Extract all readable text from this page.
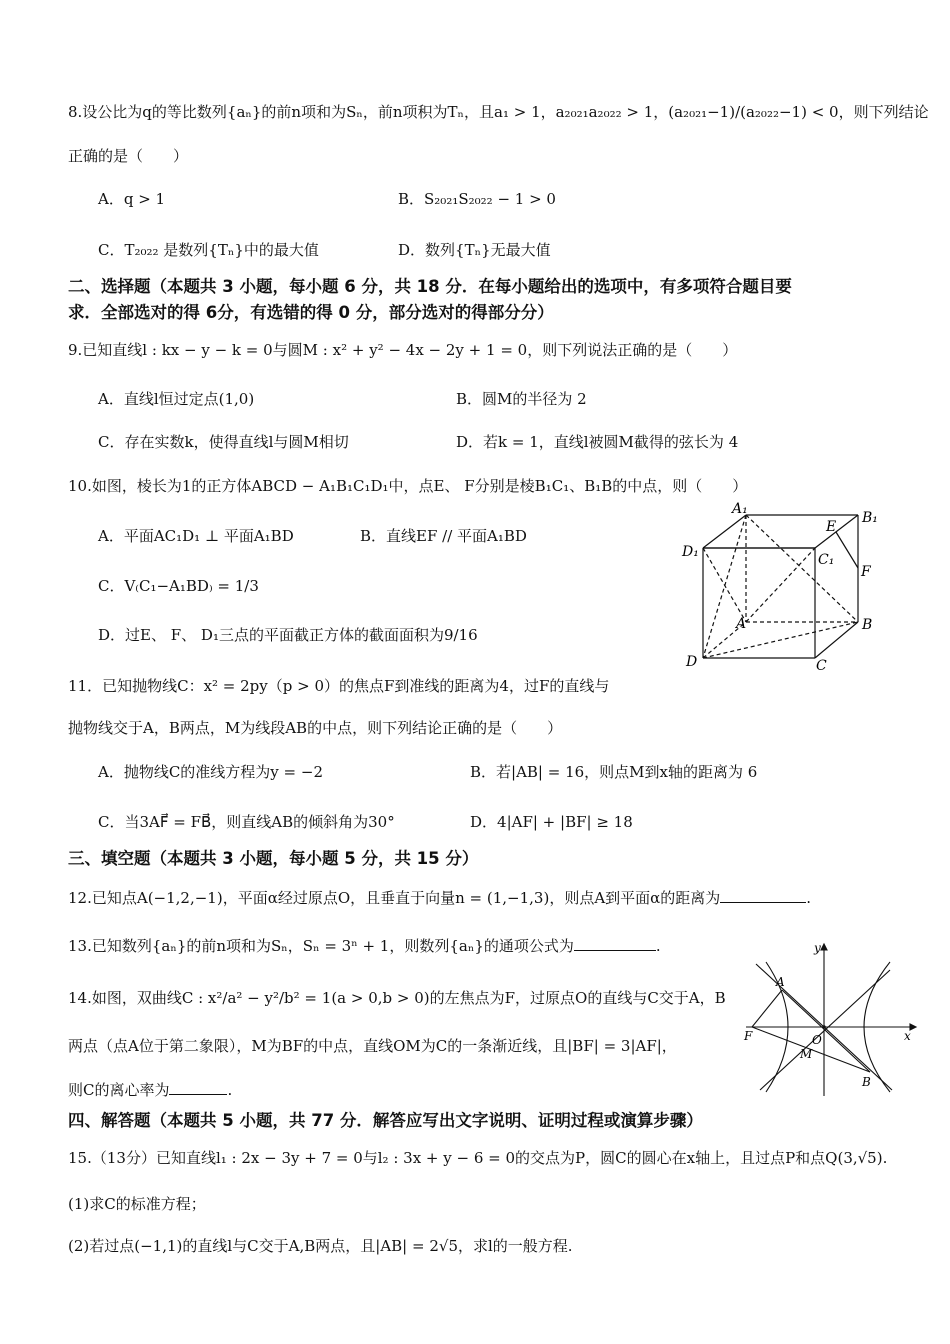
8.设公比为q的等比数列{aₙ}的前n项和为Sₙ，前n项积为Tₙ，且a₁ > 1，a₂₀₂₁a₂₀₂₂ > 1，(a₂₀₂₁−1)/(a₂₀₂₂−1) < 0，则下列结论
正确的是（　　）
A．q > 1	B．S₂₀₂₁S₂₀₂₂ − 1 > 0
C．T₂₀₂₂ 是数列{Tₙ}中的最大值	D．数列{Tₙ}无最大值
二、选择题（本题共 3 小题，每小题 6 分，共 18 分．在每小题给出的选项中，有多项符合题目要
求．全部选对的得 6分，有选错的得 0 分，部分选对的得部分分）
9.已知直线l : kx − y − k = 0与圆M : x² + y² − 4x − 2y + 1 = 0，则下列说法正确的是（　　）
A．直线l恒过定点(1,0)	B．圆M的半径为 2
C．存在实数k，使得直线l与圆M相切	D．若k = 1，直线l被圆M截得的弦长为 4
10.如图，棱长为1的正方体ABCD − A₁B₁C₁D₁中，点E、 F分别是棱B₁C₁、B₁B的中点，则（　　）
A．平面AC₁D₁ ⊥ 平面A₁BD	B．直线EF // 平面A₁BD
C．V₍C₁−A₁BD₎ = 1/3
D．过E、 F、 D₁三点的平面截正方体的截面面积为9/16
A₁
B₁
C₁
D₁
A	B
C
D
E
F
11．已知抛物线C：x² = 2py（p > 0）的焦点F到准线的距离为4，过F的直线与
抛物线交于A，B两点，M为线段AB的中点，则下列结论正确的是（　　）
A．抛物线C的准线方程为y = −2	B．若|AB| = 16，则点M到x轴的距离为 6
C．当3AF⃗ = FB⃗，则直线AB的倾斜角为30°	D．4|AF| + |BF| ≥ 18
三、填空题（本题共 3 小题，每小题 5 分，共 15 分）
12.已知点A(−1,2,−1)，平面α经过原点O，且垂直于向量n = (1,−1,3)，则点A到平面α的距离为	.
13.已知数列{aₙ}的前n项和为Sₙ，Sₙ = 3ⁿ + 1，则数列{aₙ}的通项公式为	.
14.如图，双曲线C : x²/a² − y²/b² = 1(a > 0,b > 0)的左焦点为F，过原点O的直线与C交于A，B
两点（点A位于第二象限），M为BF的中点，直线OM为C的一条渐近线，且|BF| = 3|AF|，
则C的离心率为	.
y
x
A
B
F	O
M
四、解答题（本题共 5 小题，共 77 分．解答应写出文字说明、证明过程或演算步骤）
15.（13分）已知直线l₁ : 2x − 3y + 7 = 0与l₂ : 3x + y − 6 = 0的交点为P，圆C的圆心在x轴上，且过点P和点Q(3,√5).
(1)求C的标准方程；
(2)若过点(−1,1)的直线l与C交于A,B两点，且|AB| = 2√5，求l的一般方程.
